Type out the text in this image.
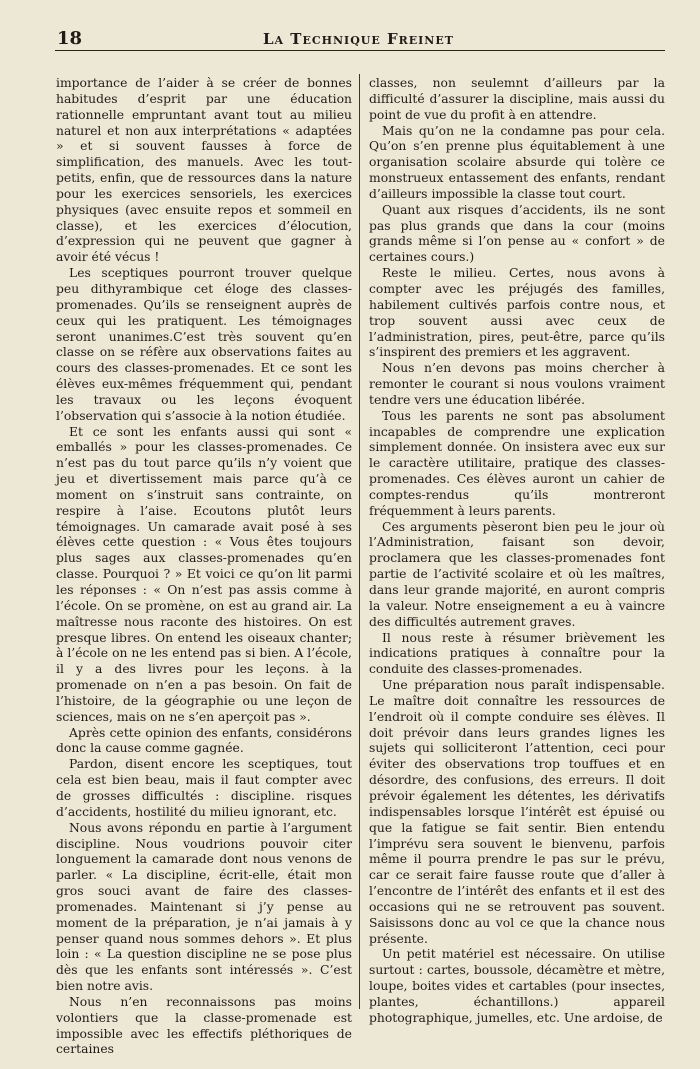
18	La Technique Freinet

importance de l’aider à se créer de bonnes habitudes d’esprit par une éducation rationnelle empruntant avant tout au milieu naturel et non aux interprétations « adaptées » et si souvent fausses à force de simplification, des manuels. Avec les tout-petits, enfin, que de ressources dans la nature pour les exercices sensoriels, les exercices physiques (avec ensuite repos et sommeil en classe), et les exercices d’élocution, d’expression qui ne peuvent que gagner à avoir été vécus !

Les sceptiques pourront trouver quelque peu dithyrambique cet éloge des classes-promenades. Qu’ils se renseignent auprès de ceux qui les pratiquent. Les témoignages seront unanimes.C’est très souvent qu’en classe on se réfère aux observations faites au cours des classes-promenades. Et ce sont les élèves eux-mêmes fréquemment qui, pendant les travaux ou les leçons évoquent l’observation qui s’associe à la notion étudiée.

Et ce sont les enfants aussi qui sont « emballés » pour les classes-promenades. Ce n’est pas du tout parce qu’ils n’y voient que jeu et divertissement mais parce qu’à ce moment on s’instruit sans contrainte, on respire à l’aise. Ecoutons plutôt leurs témoignages. Un camarade avait posé à ses élèves cette question : « Vous êtes toujours plus sages aux classes-promenades qu’en classe. Pourquoi ? » Et voici ce qu’on lit parmi les réponses : « On n’est pas assis comme à l’école. On se promène, on est au grand air. La maîtresse nous raconte des histoires. On est presque libres. On entend les oiseaux chanter; à l’école on ne les entend pas si bien. A l’école, il y a des livres pour les leçons. à la promenade on n’en a pas besoin. On fait de l’histoire, de la géographie ou une leçon de sciences, mais on ne s’en aperçoit pas ».

Après cette opinion des enfants, considérons donc la cause comme gagnée.

Pardon, disent encore les sceptiques, tout cela est bien beau, mais il faut compter avec de grosses difficultés : discipline. risques d’accidents, hostilité du milieu ignorant, etc.

Nous avons répondu en partie à l’argument discipline. Nous voudrions pouvoir citer longuement la camarade dont nous venons de parler. « La discipline, écrit-elle, était mon gros souci avant de faire des classes-promenades. Maintenant si j’y pense au moment de la préparation, je n’ai jamais à y penser quand nous sommes dehors ». Et plus loin : « La question discipline ne se pose plus dès que les enfants sont intéressés ». C’est bien notre avis.

Nous n’en reconnaissons pas moins volontiers que la classe-promenade est impossible avec les effectifs pléthoriques de certaines

classes, non seulemnt d’ailleurs par la difficulté d’assurer la discipline, mais aussi du point de vue du profit à en attendre.

Mais qu’on ne la condamne pas pour cela. Qu’on s’en prenne plus équitablement à une organisation scolaire absurde qui tolère ce monstrueux entassement des enfants, rendant d’ailleurs impossible la classe tout court.

Quant aux risques d’accidents, ils ne sont pas plus grands que dans la cour (moins grands même si l’on pense au « confort » de certaines cours.)

Reste le milieu. Certes, nous avons à compter avec les préjugés des familles, habilement cultivés parfois contre nous, et trop souvent aussi avec ceux de l’administration, pires, peut-être, parce qu’ils s’inspirent des premiers et les aggravent.

Nous n’en devons pas moins chercher à remonter le courant si nous voulons vraiment tendre vers une éducation libérée.

Tous les parents ne sont pas absolument incapables de comprendre une explication simplement donnée. On insistera avec eux sur le caractère utilitaire, pratique des classes-promenades. Ces élèves auront un cahier de comptes-rendus qu’ils montreront fréquemment à leurs parents.

Ces arguments pèseront bien peu le jour où l’Administration, faisant son devoir, proclamera que les classes-promenades font partie de l’activité scolaire et où les maîtres, dans leur grande majorité, en auront compris la valeur. Notre enseignement a eu à vaincre des difficultés autrement graves.

Il nous reste à résumer brièvement les indications pratiques à connaître pour la conduite des classes-promenades.

Une préparation nous paraît indispensable. Le maître doit connaître les ressources de l’endroit où il compte conduire ses élèves. Il doit prévoir dans leurs grandes lignes les sujets qui solliciteront l’attention, ceci pour éviter des observations trop touffues et en désordre, des confusions, des erreurs. Il doit prévoir également les détentes, les dérivatifs indispensables lorsque l’intérêt est épuisé ou que la fatigue se fait sentir. Bien entendu l’imprévu sera souvent le bienvenu, parfois même il pourra prendre le pas sur le prévu, car ce serait faire fausse route que d’aller à l’encontre de l’intérêt des enfants et il est des occasions qui ne se retrouvent pas souvent. Saisissons donc au vol ce que la chance nous présente.

Un petit matériel est nécessaire. On utilise surtout : cartes, boussole, décamètre et mètre, loupe, boites vides et cartables (pour insectes, plantes, échantillons.) appareil photographique, jumelles, etc. Une ardoise, de
